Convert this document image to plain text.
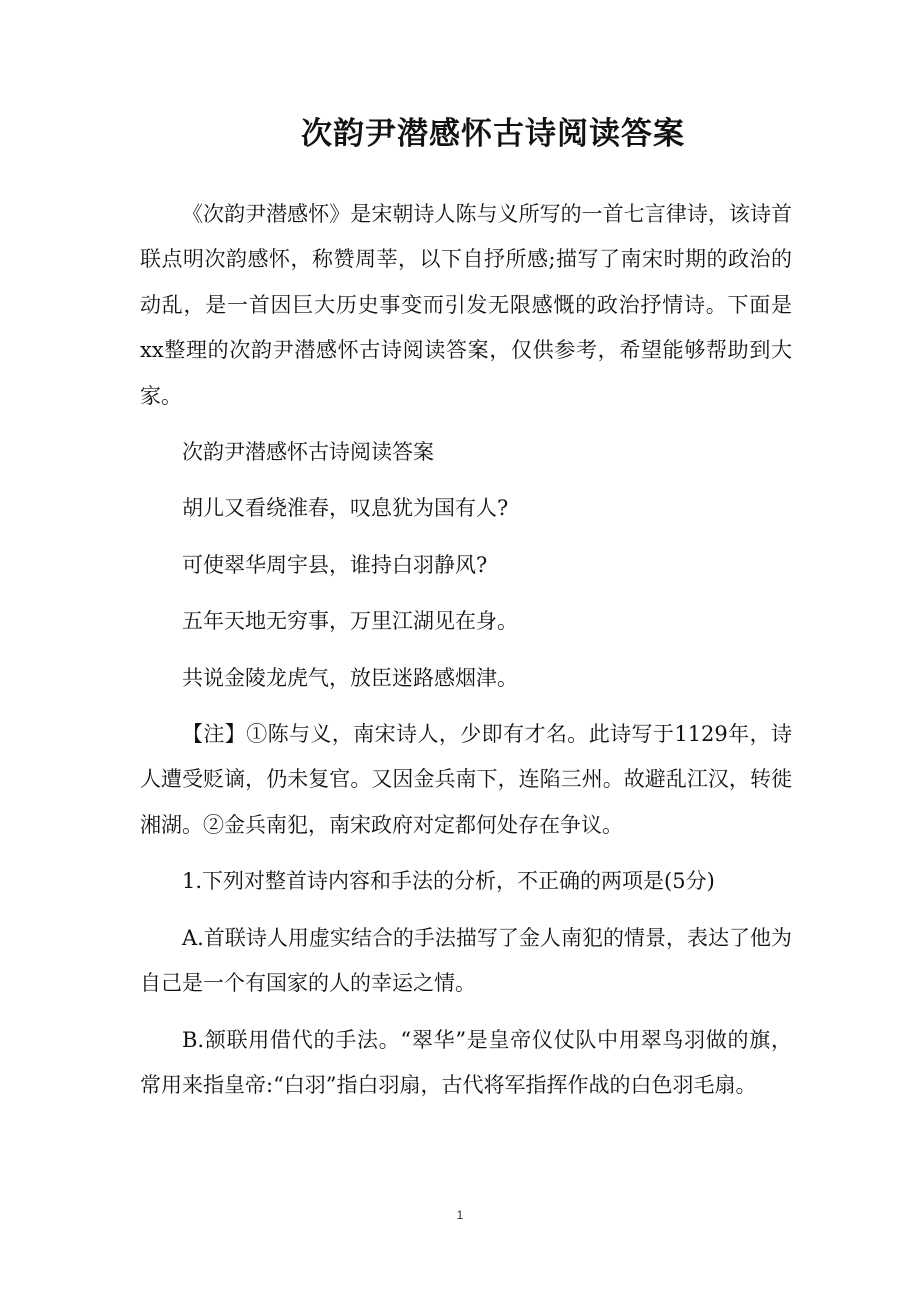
次韵尹潜感怀古诗阅读答案

《次韵尹潜感怀》是宋朝诗人陈与义所写的一首七言律诗，该诗首联点明次韵感怀，称赞周莘，以下自抒所感;描写了南宋时期的政治的动乱，是一首因巨大历史事变而引发无限感慨的政治抒情诗。下面是xx整理的次韵尹潜感怀古诗阅读答案，仅供参考，希望能够帮助到大家。

次韵尹潜感怀古诗阅读答案

胡儿又看绕淮春，叹息犹为国有人?

可使翠华周宇县，谁持白羽静风?

五年天地无穷事，万里江湖见在身。

共说金陵龙虎气，放臣迷路感烟津。

【注】①陈与义，南宋诗人，少即有才名。此诗写于1129年，诗人遭受贬谪，仍未复官。又因金兵南下，连陷三州。故避乱江汉，转徙湘湖。②金兵南犯，南宋政府对定都何处存在争议。

1.下列对整首诗内容和手法的分析，不正确的两项是(5分)

A.首联诗人用虚实结合的手法描写了金人南犯的情景，表达了他为自己是一个有国家的人的幸运之情。

B.颔联用借代的手法。“翠华”是皇帝仪仗队中用翠鸟羽做的旗，常用来指皇帝:“白羽”指白羽扇，古代将军指挥作战的白色羽毛扇。

1
